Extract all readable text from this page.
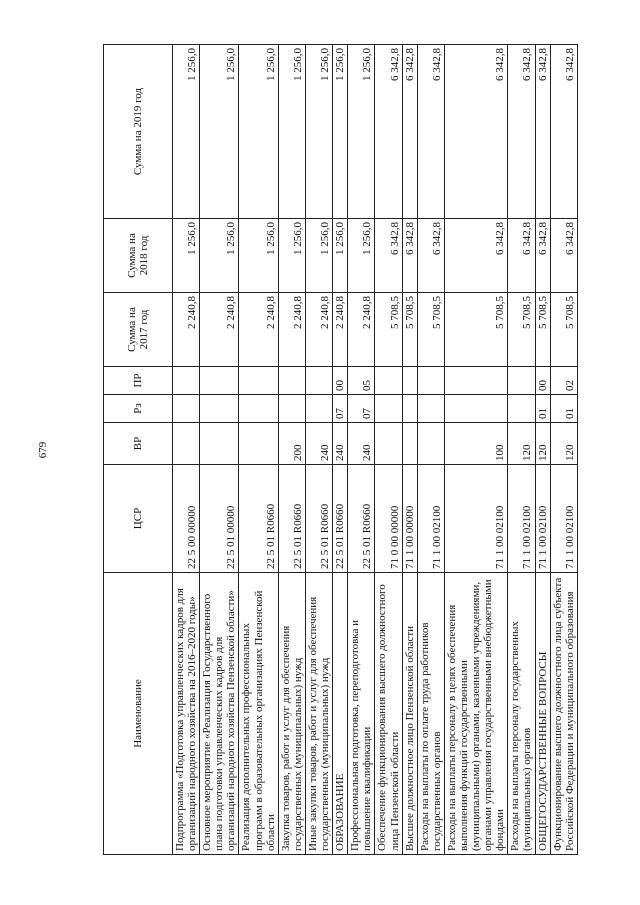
679
Наименование	ЦСР	ВР	Рз	ПР	Сумма на 2017 год	Сумма на 2018 год	Сумма на 2019 год
Подпрограмма «Подготовка управленческих кадров для организаций народного хозяйства на 2016–2020 годы»	22 5 00 00000				2 240,8	1 256,0	1 256,0
Основное мероприятие «Реализация Государственного плана подготовки управленческих кадров для организаций народного хозяйства Пензенской области»	22 5 01 00000				2 240,8	1 256,0	1 256,0
Реализация дополнительных профессиональных программ в образовательных организациях Пензенской области	22 5 01 R0660				2 240,8	1 256,0	1 256,0
Закупка товаров, работ и услуг для обеспечения государственных (муниципальных) нужд	22 5 01 R0660	200			2 240,8	1 256,0	1 256,0
Иные закупки товаров, работ и услуг для обеспечения государственных (муниципальных) нужд	22 5 01 R0660	240			2 240,8	1 256,0	1 256,0
ОБРАЗОВАНИЕ	22 5 01 R0660	240	07	00	2 240,8	1 256,0	1 256,0
Профессиональная подготовка, переподготовка и повышение квалификации	22 5 01 R0660	240	07	05	2 240,8	1 256,0	1 256,0
Обеспечение функционирования высшего должностного лица Пензенской области	71 0 00 00000				5 708,5	6 342,8	6 342,8
Высшее должностное лицо Пензенской области	71 1 00 00000				5 708,5	6 342,8	6 342,8
Расходы на выплаты по оплате труда работников государственных органов	71 1 00 02100				5 708,5	6 342,8	6 342,8
Расходы на выплаты персоналу в целях обеспечения выполнения функций государственными (муниципальными) органами, казенными учреждениями, органами управления государственными внебюджетными фондами	71 1 00 02100	100			5 708,5	6 342,8	6 342,8
Расходы на выплаты персоналу государственных (муниципальных) органов	71 1 00 02100	120			5 708,5	6 342,8	6 342,8
ОБЩЕГОСУДАРСТВЕННЫЕ ВОПРОСЫ	71 1 00 02100	120	01	00	5 708,5	6 342,8	6 342,8
Функционирование высшего должностного лица субъекта Российской Федерации и муниципального образования	71 1 00 02100	120	01	02	5 708,5	6 342,8	6 342,8
